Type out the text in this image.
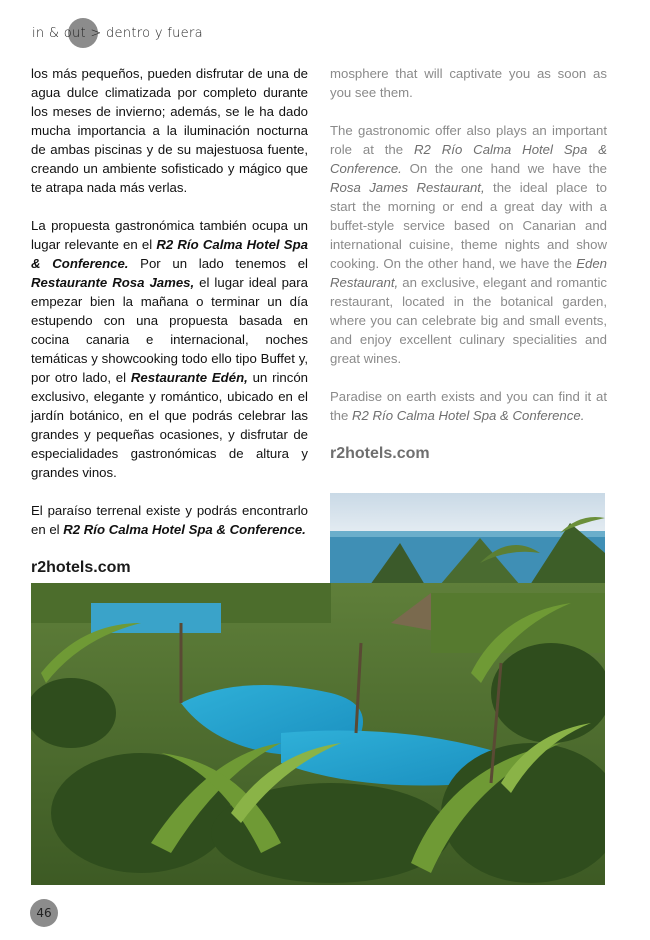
in & out > dentro y fuera

los más pequeños, pueden disfrutar de una de agua dulce climatizada por completo durante los meses de invierno; además, se le ha dado mucha importancia a la iluminación nocturna de ambas piscinas y de su majestuosa fuente, creando un ambiente sofisticado y mágico que te atrapa nada más verlas.

La propuesta gastronómica también ocupa un lugar relevante en el R2 Río Calma Hotel Spa & Conference. Por un lado tenemos el Restaurante Rosa James, el lugar ideal para empezar bien la mañana o terminar un día estupendo con una propuesta basada en cocina canaria e internacional, noches temáticas y showcooking todo ello tipo Buffet y, por otro lado, el Restaurante Edén, un rincón exclusivo, elegante y romántico, ubicado en el jardín botánico, en el que podrás celebrar las grandes y pequeñas ocasiones, y disfrutar de especialidades gastronómicas de altura y grandes vinos.

El paraíso terrenal existe y podrás encontrarlo en el R2 Río Calma Hotel Spa & Conference.

r2hotels.com

mosphere that will captivate you as soon as you see them.

The gastronomic offer also plays an important role at the R2 Río Calma Hotel Spa & Conference. On the one hand we have the Rosa James Restaurant, the ideal place to start the morning or end a great day with a buffet-style service based on Canarian and international cuisine, theme nights and show cooking. On the other hand, we have the Eden Restaurant, an exclusive, elegant and romantic restaurant, located in the botanical garden, where you can celebrate big and small events, and enjoy excellent culinary specialities and great wines.

Paradise on earth exists and you can find it at the R2 Río Calma Hotel Spa & Conference.

r2hotels.com
46
